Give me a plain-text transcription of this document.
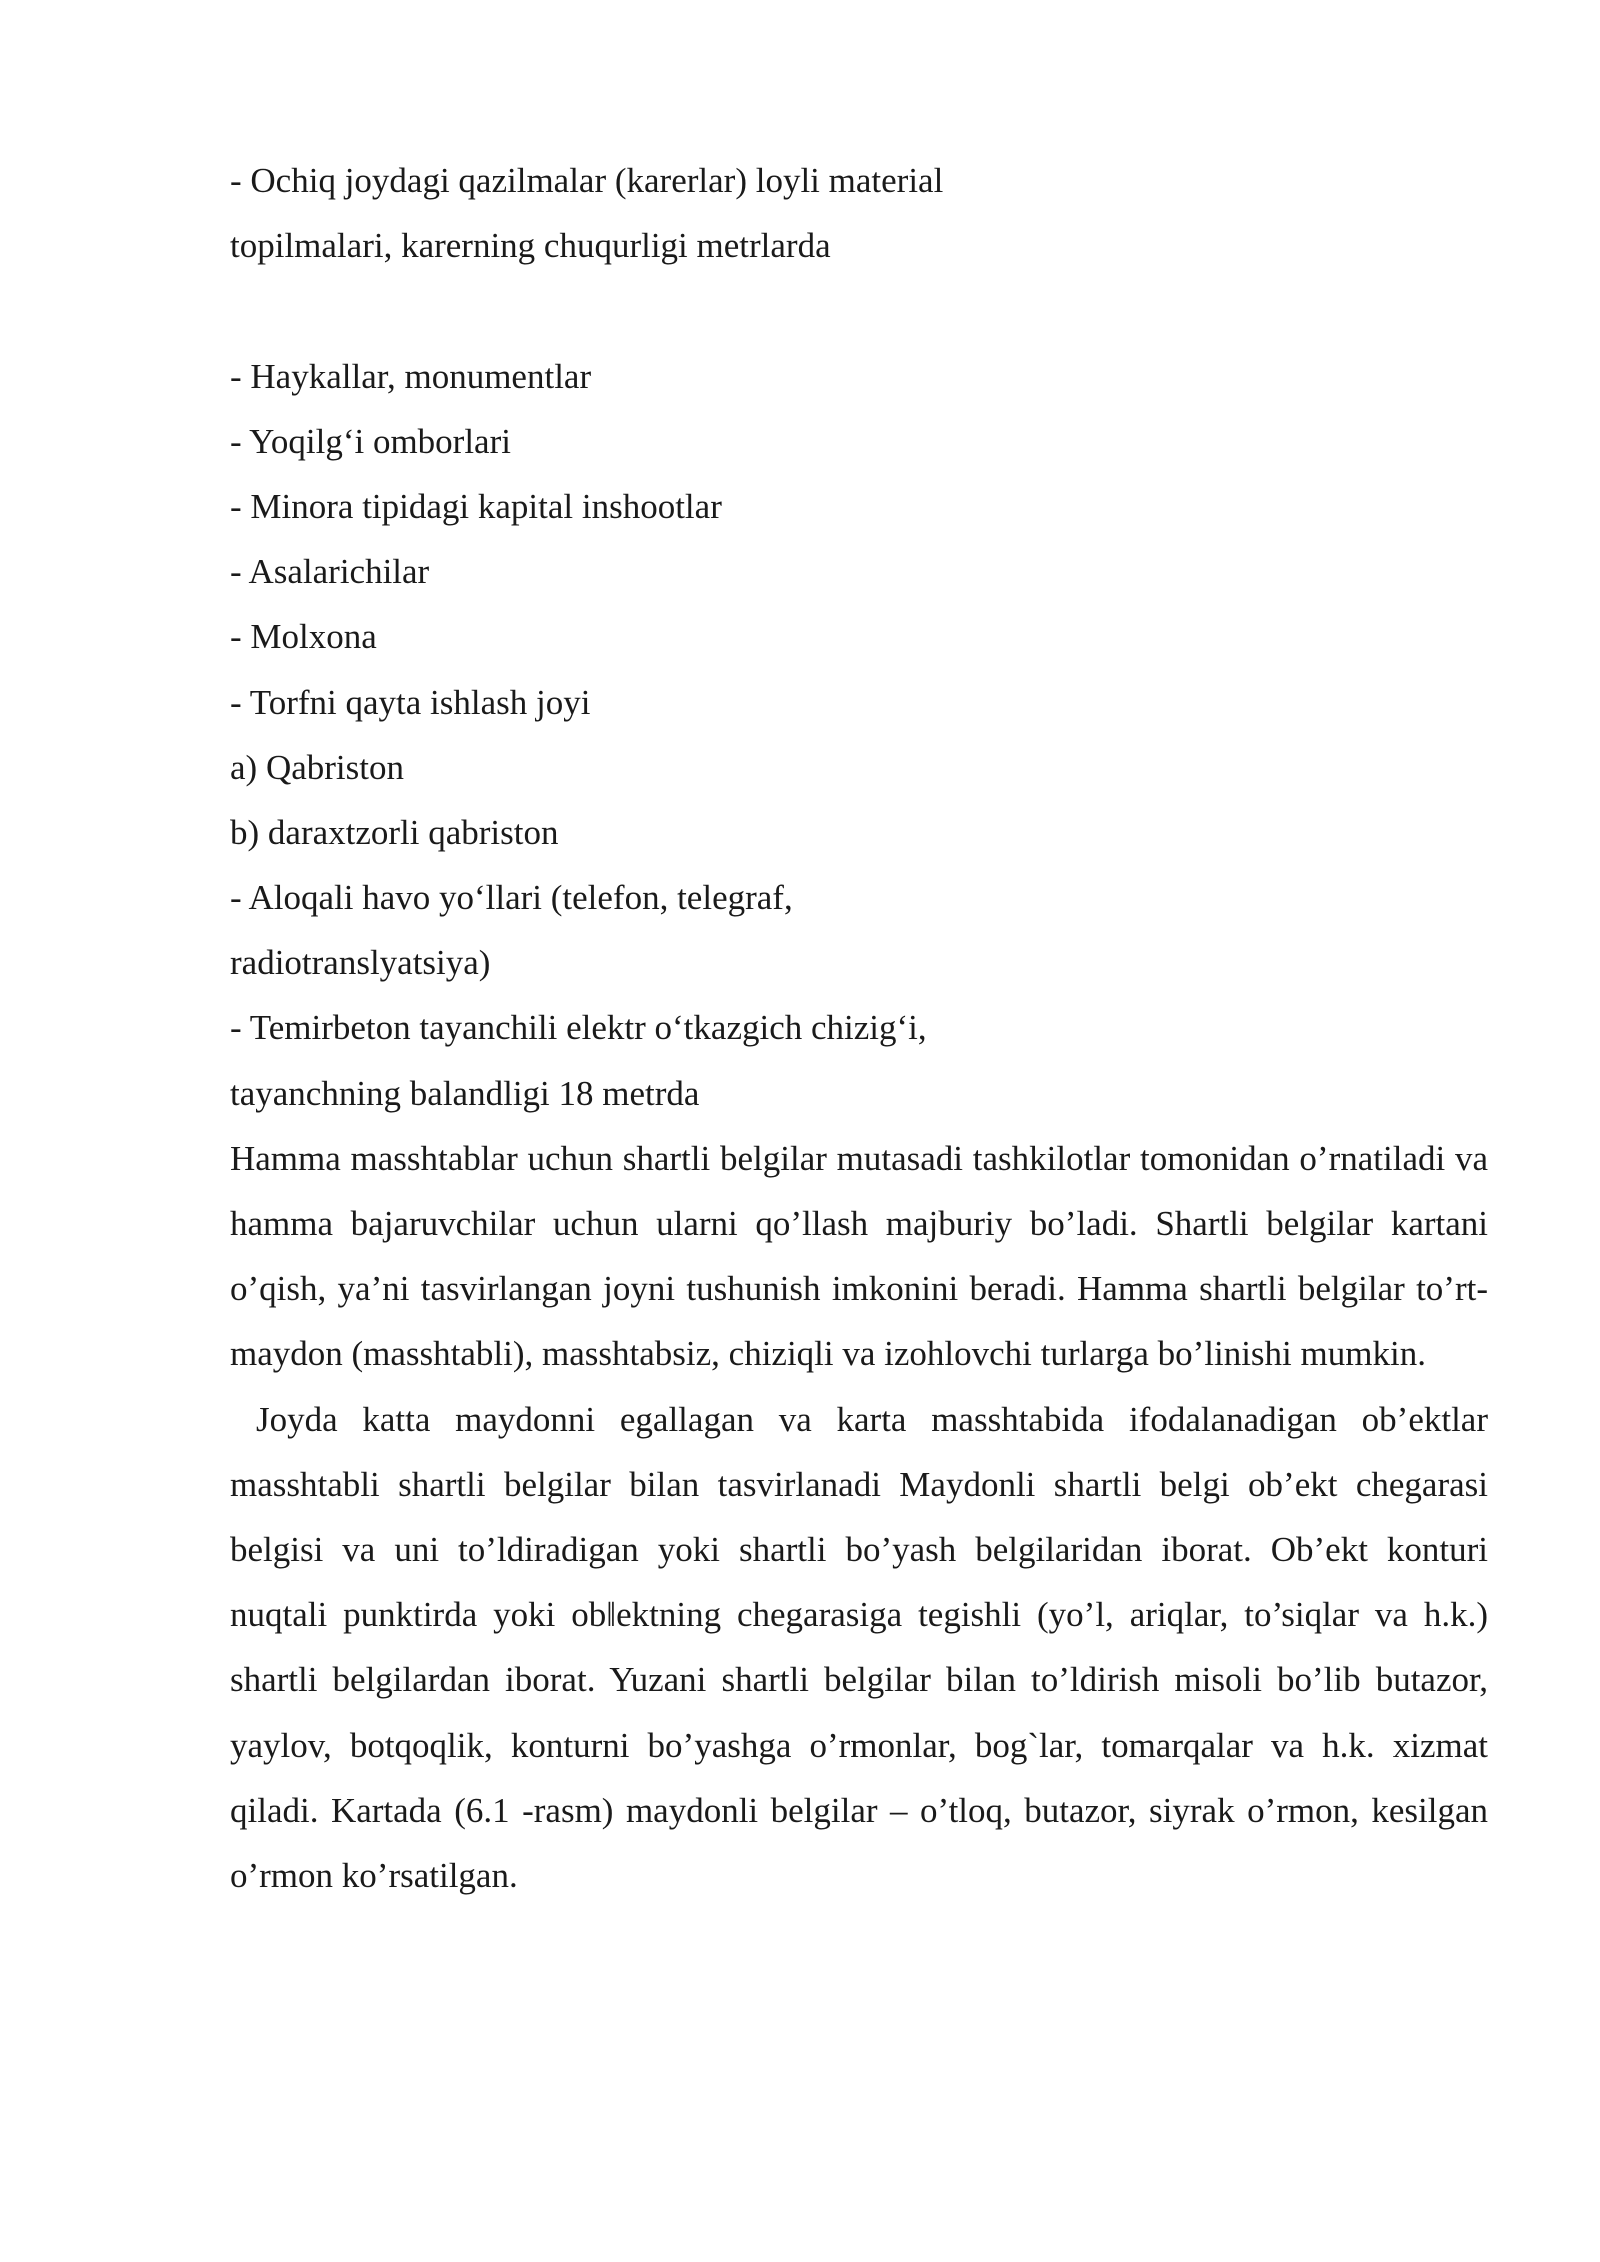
- Ochiq joydagi qazilmalar (karerlar) loyli material

topilmalari, karerning chuqurligi metrlarda

- Haykallar, monumentlar

- Yoqilg‘i omborlari

- Minora tipidagi kapital inshootlar

- Asalarichilar

- Molxona

- Torfni qayta ishlash joyi

a) Qabriston

b) daraxtzorli qabriston

- Aloqali havo yo‘llari (telefon, telegraf,

radiotranslyatsiya)

- Temirbeton tayanchili elektr o‘tkazgich chizig‘i,

tayanchning balandligi 18 metrda

Hamma masshtablar uchun shartli belgilar mutasadi tashkilotlar tomonidan o’rnatiladi va hamma bajaruvchilar uchun ularni qo’llash majburiy bo’ladi. Shartli belgilar kartani o’qish, ya’ni tasvirlangan joyni tushunish imkonini beradi. Hamma shartli belgilar to’rt-maydon (masshtabli), masshtabsiz, chiziqli va izohlovchi turlarga bo’linishi mumkin.

Joyda katta maydonni egallagan va karta masshtabida ifodalanadigan ob’ektlar masshtabli shartli belgilar bilan tasvirlanadi Maydonli shartli belgi ob’ekt chegarasi belgisi va uni to’ldiradigan yoki shartli bo’yash belgilaridan iborat. Ob’ekt konturi nuqtali punktirda yoki ob‖ektning chegarasiga tegishli (yo’l, ariqlar, to’siqlar va h.k.) shartli belgilardan iborat. Yuzani shartli belgilar bilan to’ldirish misoli bo’lib butazor, yaylov, botqoqlik, konturni bo’yashga o’rmonlar, bog`lar, tomarqalar va h.k. xizmat qiladi. Kartada (6.1 -rasm) maydonli belgilar – o’tloq, butazor, siyrak o’rmon, kesilgan o’rmon ko’rsatilgan.
